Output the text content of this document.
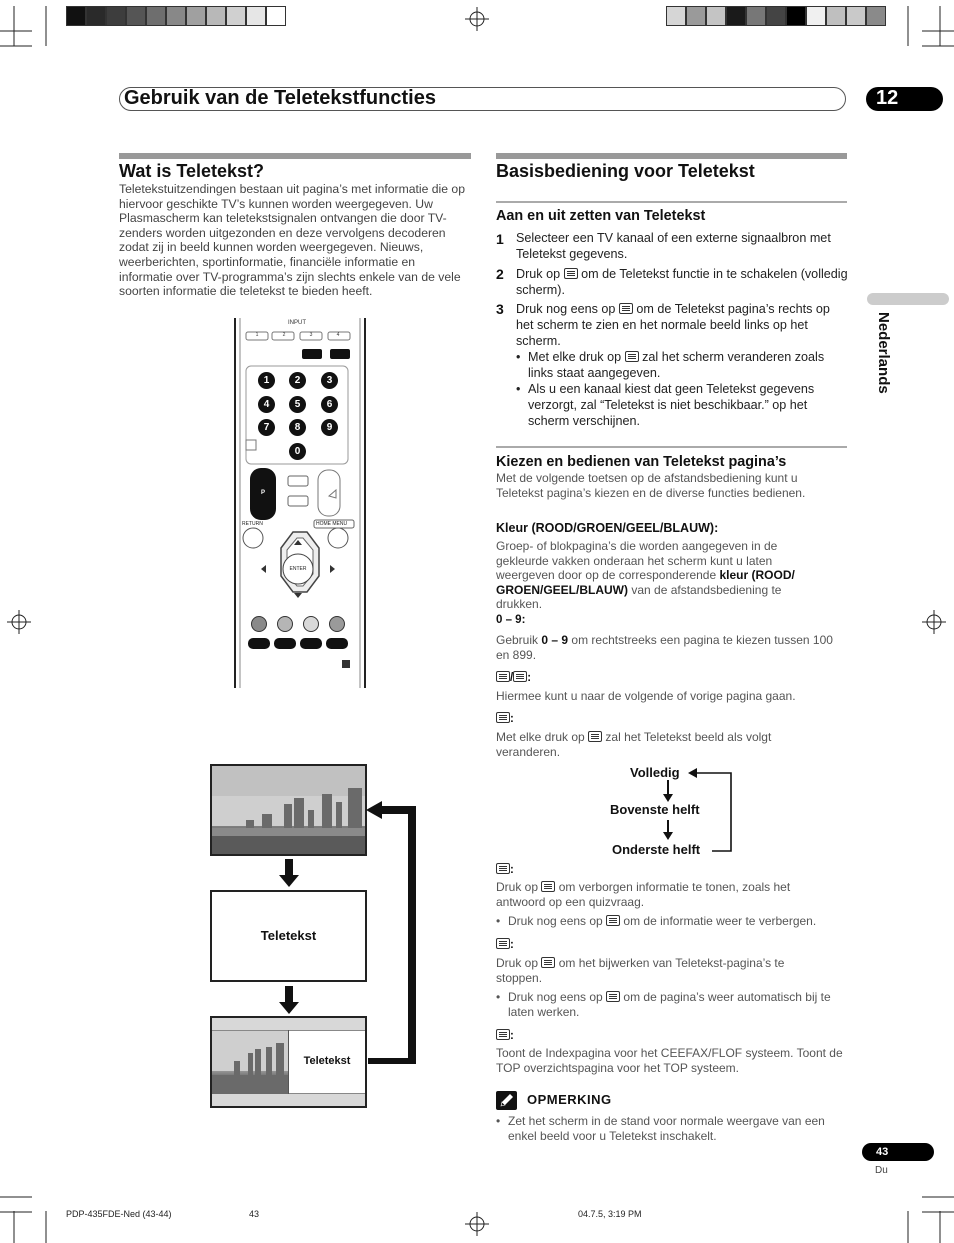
Gebruik van de Teletekstfuncties	12
Nederlands
Wat is Teletekst?
Teletekstuitzendingen bestaan uit pagina’s met informatie die op hiervoor geschikte TV’s kunnen worden weergegeven. Uw Plasmascherm kan teletekstsignalen ontvangen die door TV-zenders worden uitgezonden en deze vervolgens decoderen zodat zij in beeld kunnen worden weergegeven. Nieuws, weerberichten, sportinformatie, financiële informatie en informatie over TV-programma’s zijn slechts enkele van de vele soorten informatie die teletekst te bieden heeft.
INPUT
1	2	3	4
1	2	3
4	5	6
7	8	9
0
P
RETURN	HOME MENU
ENTER
Teletekst
Teletekst
Basisbediening voor Teletekst
Aan en uit zetten van Teletekst
1 Selecteer een TV kanaal of een externe signaalbron met Teletekst gegevens.
2 Druk op om de Teletekst functie in te schakelen (volledig scherm).
3 Druk nog eens op om de Teletekst pagina’s rechts op het scherm te zien en het normale beeld links op het scherm.
• Met elke druk op zal het scherm veranderen zoals links staat aangegeven.
• Als u een kanaal kiest dat geen Teletekst gegevens verzorgt, zal “Teletekst is niet beschikbaar.” op het scherm verschijnen.
Kiezen en bedienen van Teletekst pagina’s
Met de volgende toetsen op de afstandsbediening kunt u Teletekst pagina’s kiezen en de diverse functies bedienen.
Kleur (ROOD/GROEN/GEEL/BLAUW):
Groep- of blokpagina’s die worden aangegeven in de gekleurde vakken onderaan het scherm kunt u laten weergeven door op de corresponderende kleur (ROOD/ GROEN/GEEL/BLAUW) van de afstandsbediening te drukken.
0 – 9:
Gebruik 0 – 9 om rechtstreeks een pagina te kiezen tussen 100 en 899.
/ :
Hiermee kunt u naar de volgende of vorige pagina gaan.
:
Met elke druk op zal het Teletekst beeld als volgt veranderen.
Volledig
Bovenste helft
Onderste helft
:
Druk op om verborgen informatie te tonen, zoals het antwoord op een quizvraag.
• Druk nog eens op om de informatie weer te verbergen.
:
Druk op om het bijwerken van Teletekst-pagina’s te stoppen.
• Druk nog eens op om de pagina’s weer automatisch bij te laten werken.
:
Toont de Indexpagina voor het CEEFAX/FLOF systeem. Toont de TOP overzichtspagina voor het TOP systeem.
OPMERKING
• Zet het scherm in de stand voor normale weergave van een enkel beeld voor u Teletekst inschakelt.
43
Du
PDP-435FDE-Ned (43-44)	43	04.7.5, 3:19 PM
